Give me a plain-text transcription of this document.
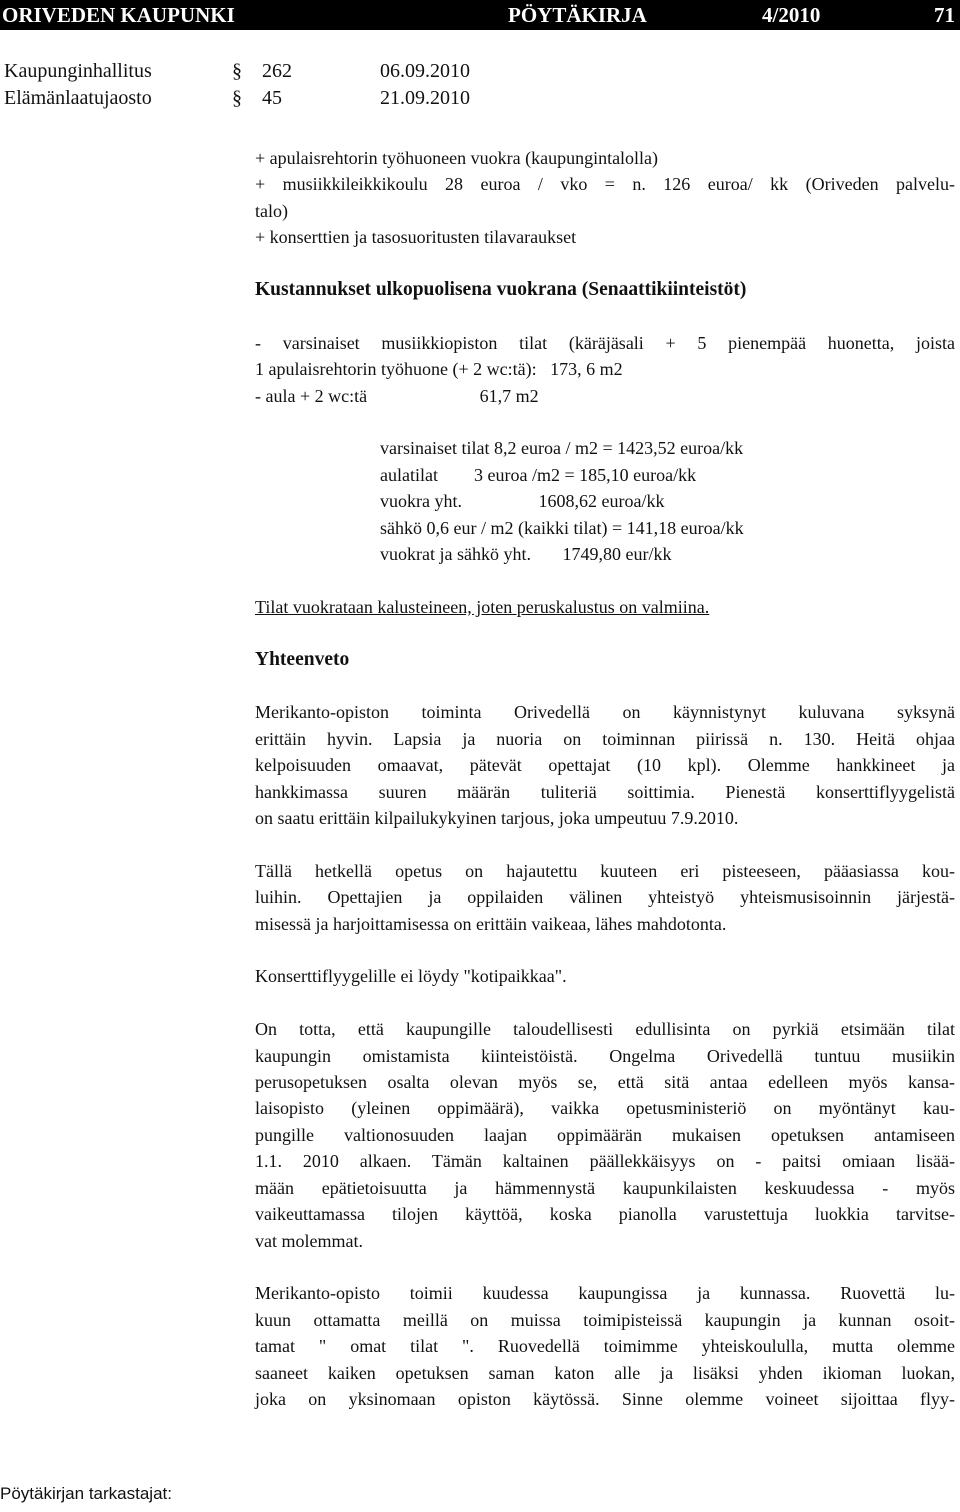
ORIVEDEN KAUPUNKI	PÖYTÄKIRJA	4/2010	71
Kaupunginhallitus	§ 262	06.09.2010
Elämänlaatujaosto	§ 45	21.09.2010
+ apulaisrehtorin työhuoneen vuokra (kaupungintalolla)
+ musiikkileikkikoulu 28 euroa / vko = n. 126 euroa/ kk (Oriveden palvelu-
talo)
+ konserttien ja tasosuoritusten tilavaraukset
Kustannukset ulkopuolisena vuokrana (Senaattikiinteistöt)
- varsinaiset musiikkiopiston tilat (käräjäsali + 5 pienempää huonetta, joista
1 apulaisrehtorin työhuone (+ 2 wc:tä):   173, 6 m2
- aula + 2 wc:tä                         61,7 m2
varsinaiset tilat 8,2 euroa / m2 = 1423,52 euroa/kk
aulatilat        3 euroa /m2 = 185,10 euroa/kk
vuokra yht.                 1608,62 euroa/kk
sähkö 0,6 eur / m2 (kaikki tilat) = 141,18 euroa/kk
vuokrat ja sähkö yht.       1749,80 eur/kk
Tilat vuokrataan kalusteineen, joten peruskalustus on valmiina.
Yhteenveto
Merikanto-opiston toiminta Orivedellä on käynnistynyt kuluvana syksynä
erittäin hyvin. Lapsia ja nuoria on toiminnan piirissä n. 130. Heitä ohjaa
kelpoisuuden omaavat, pätevät opettajat (10 kpl). Olemme hankkineet ja
hankkimassa suuren määrän tuliteriä soittimia. Pienestä konserttiflyygelistä
on saatu erittäin kilpailukykyinen tarjous, joka umpeutuu 7.9.2010.
Tällä hetkellä opetus on hajautettu kuuteen eri pisteeseen, pääasiassa kou-
luihin. Opettajien ja oppilaiden välinen yhteistyö yhteismusisoinnin järjestä-
misessä ja harjoittamisessa on erittäin vaikeaa, lähes mahdotonta.
Konserttiflyygelille ei löydy "kotipaikkaa".
On totta, että kaupungille taloudellisesti edullisinta on pyrkiä etsimään tilat
kaupungin omistamista kiinteistöistä. Ongelma Orivedellä tuntuu musiikin
perusopetuksen osalta olevan myös se, että sitä antaa edelleen myös kansa-
laisopisto (yleinen oppimäärä), vaikka opetusministeriö on myöntänyt kau-
pungille valtionosuuden laajan oppimäärän mukaisen opetuksen antamiseen
1.1. 2010 alkaen. Tämän kaltainen päällekkäisyys on - paitsi omiaan lisää-
mään epätietoisuutta ja hämmennystä kaupunkilaisten keskuudessa - myös
vaikeuttamassa tilojen käyttöä, koska pianolla varustettuja luokkia tarvitse-
vat molemmat.
Merikanto-opisto toimii kuudessa kaupungissa ja kunnassa. Ruovettä lu-
kuun ottamatta meillä on muissa toimipisteissä kaupungin ja kunnan osoit-
tamat " omat tilat ". Ruovedellä toimimme yhteiskoululla, mutta olemme
saaneet kaiken opetuksen saman katon alle ja lisäksi yhden ikioman luokan,
joka on yksinomaan opiston käytössä. Sinne olemme voineet sijoittaa flyy-
Pöytäkirjan tarkastajat:
